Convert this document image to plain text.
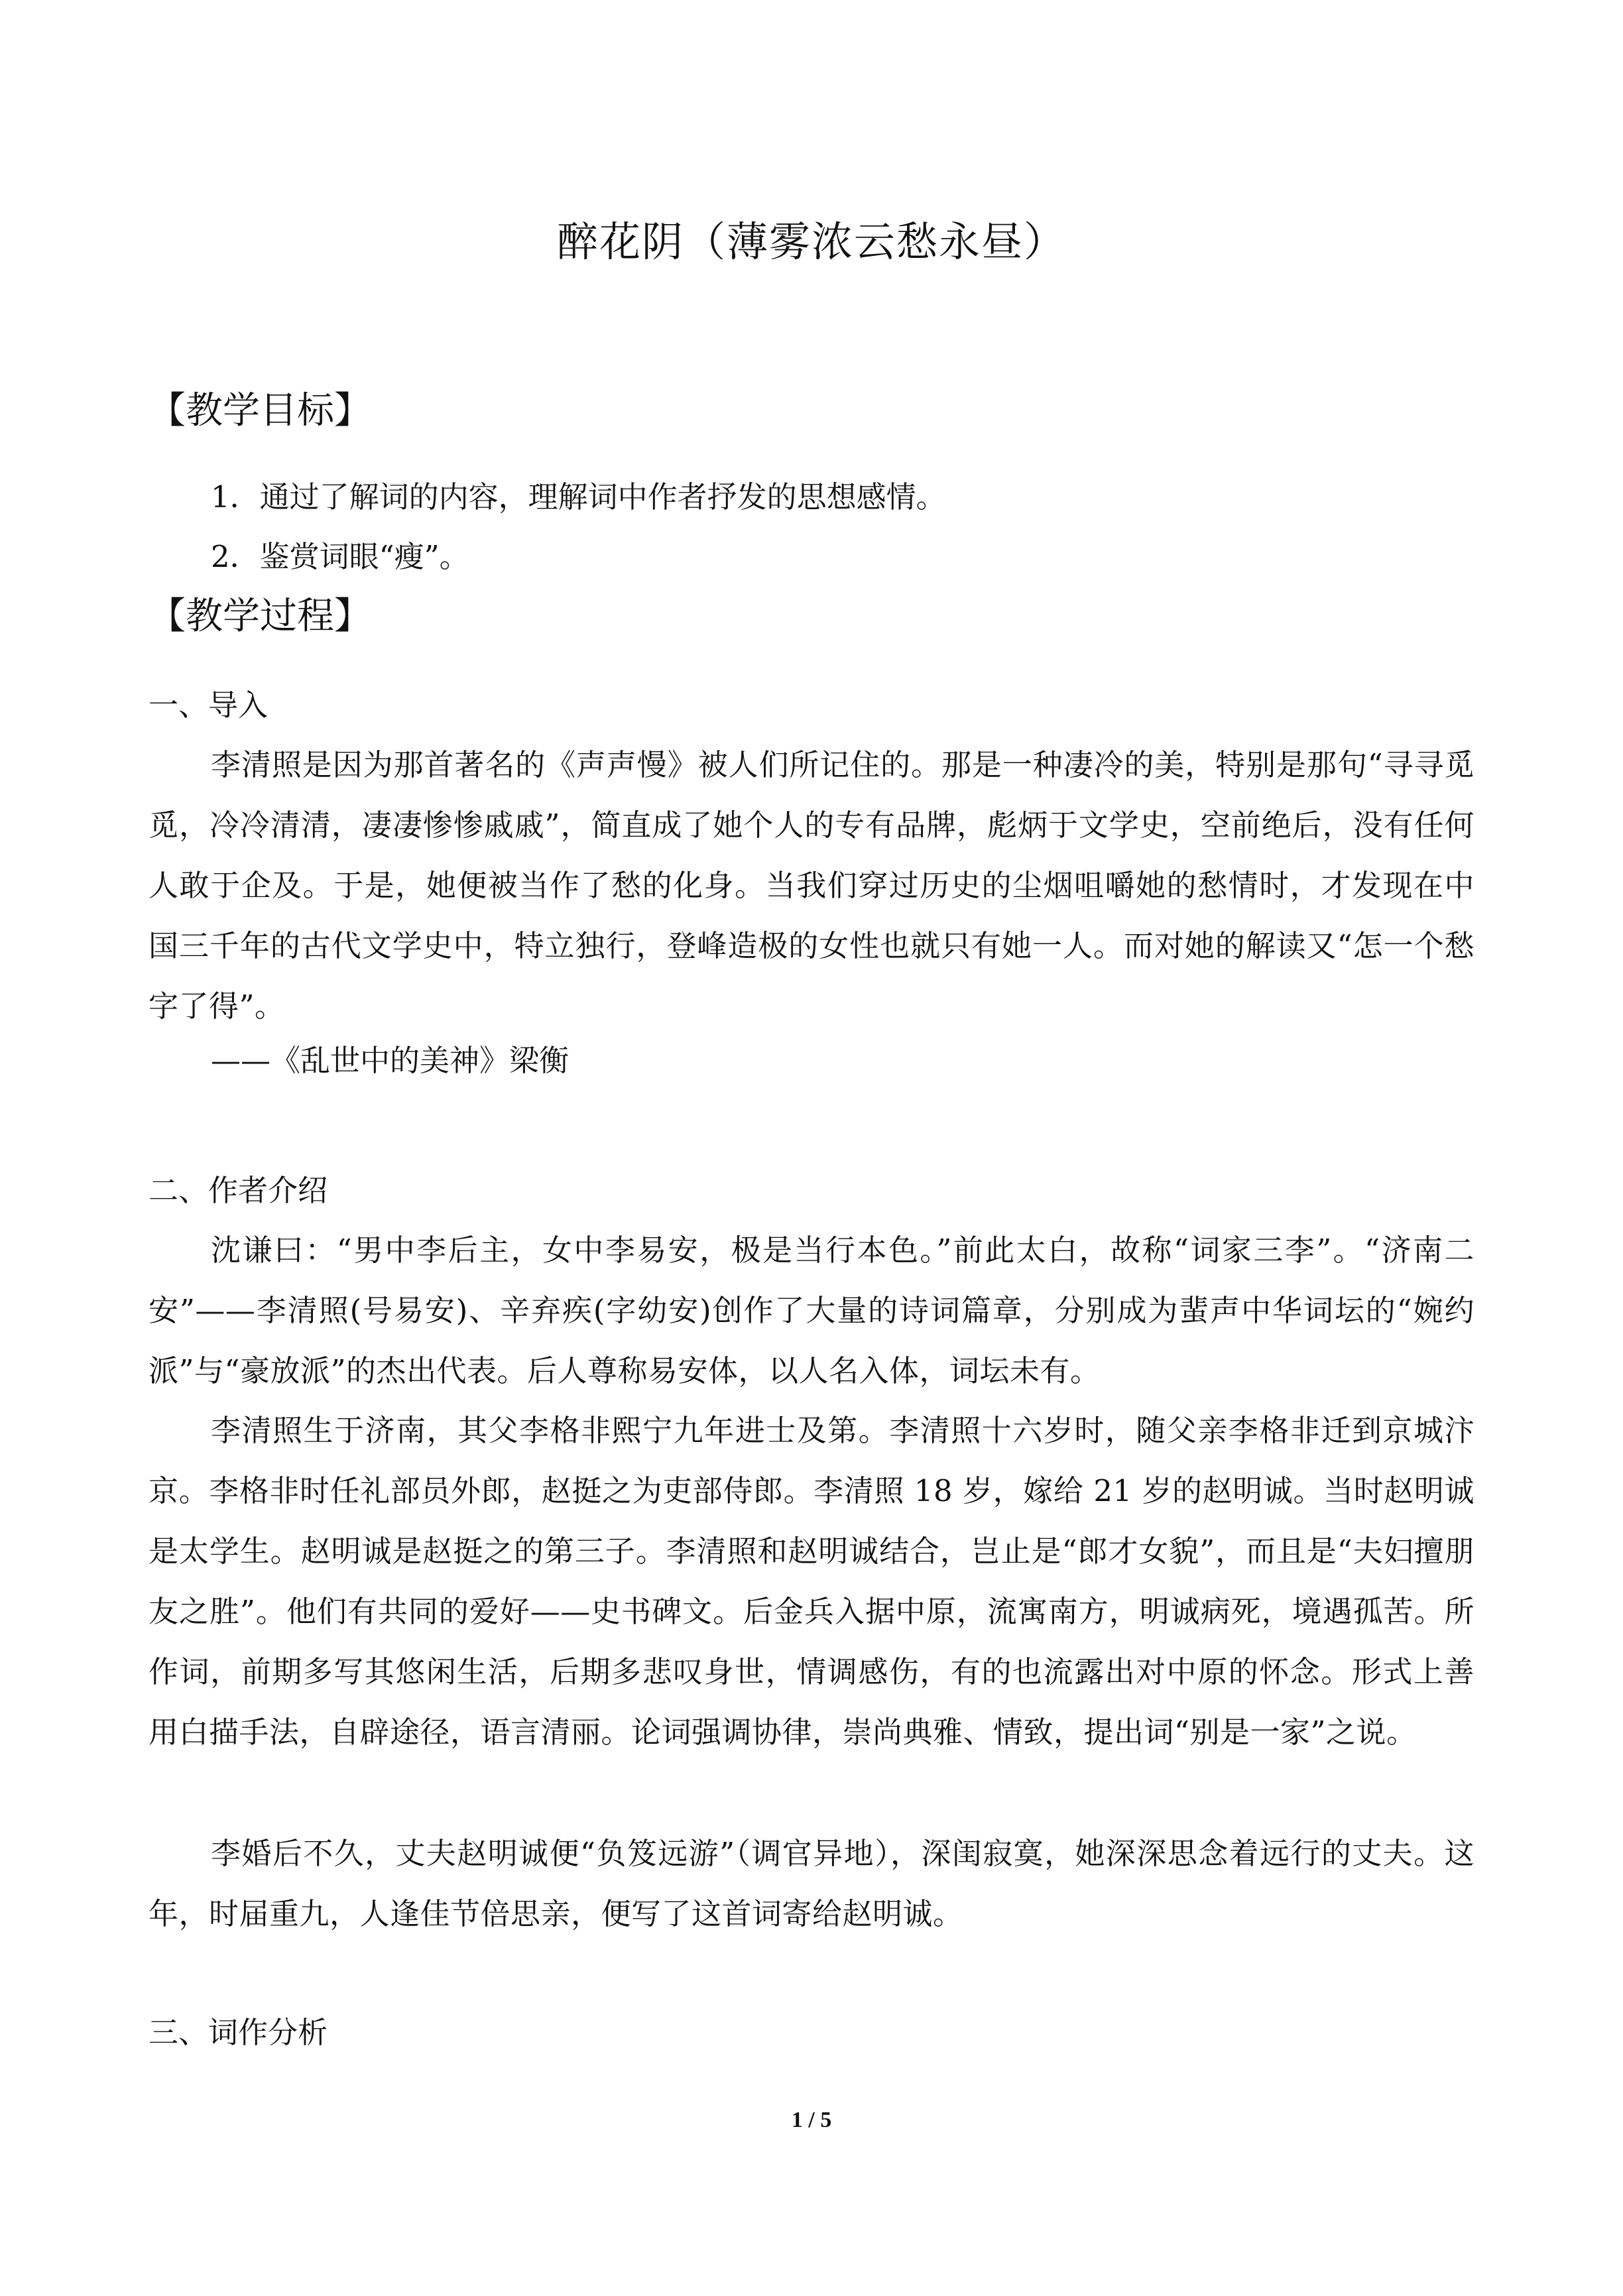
醉花阴（薄雾浓云愁永昼）
【教学目标】
1．通过了解词的内容，理解词中作者抒发的思想感情。
2．鉴赏词眼“瘦”。
【教学过程】
一、导入
李清照是因为那首著名的《声声慢》被人们所记住的。那是一种凄冷的美，特别是那句“寻寻觅觅，冷冷清清，凄凄惨惨戚戚”，简直成了她个人的专有品牌，彪炳于文学史，空前绝后，没有任何人敢于企及。于是，她便被当作了愁的化身。当我们穿过历史的尘烟咀嚼她的愁情时，才发现在中国三千年的古代文学史中，特立独行，登峰造极的女性也就只有她一人。而对她的解读又“怎一个愁字了得”。
——《乱世中的美神》梁衡
二、作者介绍
沈谦曰：“男中李后主，女中李易安，极是当行本色。”前此太白，故称“词家三李”。“济南二安”——李清照(号易安)、辛弃疾(字幼安)创作了大量的诗词篇章，分别成为蜚声中华词坛的“婉约派”与“豪放派”的杰出代表。后人尊称易安体，以人名入体，词坛未有。
李清照生于济南，其父李格非熙宁九年进士及第。李清照十六岁时，随父亲李格非迁到京城汴京。李格非时任礼部员外郎，赵挺之为吏部侍郎。李清照 18 岁，嫁给 21 岁的赵明诚。当时赵明诚是太学生。赵明诚是赵挺之的第三子。李清照和赵明诚结合，岂止是“郎才女貌”，而且是“夫妇擅朋友之胜”。他们有共同的爱好——史书碑文。后金兵入据中原，流寓南方，明诚病死，境遇孤苦。所作词，前期多写其悠闲生活，后期多悲叹身世，情调感伤，有的也流露出对中原的怀念。形式上善用白描手法，自辟途径，语言清丽。论词强调协律，崇尚典雅、情致，提出词“别是一家”之说。
李婚后不久，丈夫赵明诚便“负笈远游”（调官异地），深闺寂寞，她深深思念着远行的丈夫。这年，时届重九，人逢佳节倍思亲，便写了这首词寄给赵明诚。
三、词作分析
1 / 5
